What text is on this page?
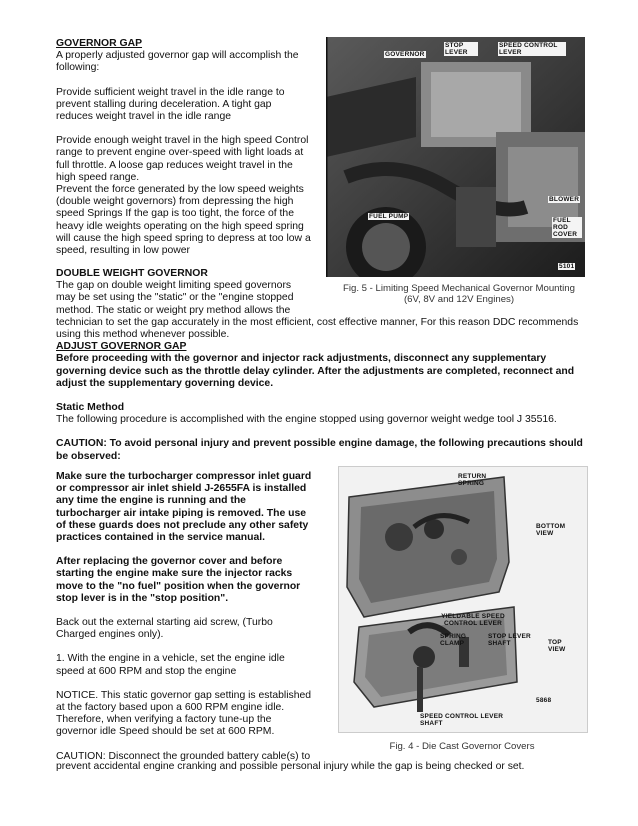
GOVERNOR GAP

A properly adjusted governor gap will accomplish the

following:

Provide sufficient weight travel in the idle range to

prevent stalling during deceleration. A tight gap

reduces weight travel in the idle range

Provide enough weight travel in the high speed Control

range to prevent engine over-speed with light loads at

full throttle. A loose gap reduces weight travel in the

high speed range.

Prevent the force generated by the low speed weights

(double weight governors) from depressing the high

speed Springs If the gap is too tight, the force of the

heavy idle weights operating on the high speed spring

will cause the high speed spring to depress at too low a

speed, resulting in low power

GOVERNOR
STOP LEVER
SPEED CONTROL LEVER
BLOWER
FUEL PUMP
FUEL ROD COVER
5101
Fig. 5 - Limiting Speed Mechanical Governor Mounting
(6V, 8V and 12V Engines)

DOUBLE WEIGHT GOVERNOR

The gap on double weight limiting speed governors

may be set using the "static" or the "engine stopped

method. The static or weight pry method allows the

technician to set the gap accurately in the most efficient, cost effective manner, For this reason DDC recommends

using this method whenever possible.

ADJUST GOVERNOR GAP

Before proceeding with the governor and injector rack adjustments, disconnect any supplementary

governing device such as the throttle delay cylinder. After the adjustments are completed, reconnect and

adjust the supplementary governing device.

Static Method

The following procedure is accomplished with the engine stopped using governor weight wedge tool J 35516.

CAUTION: To avoid personal injury and prevent possible engine damage, the following precautions should

be observed:

Make sure the turbocharger compressor inlet guard

or compressor air inlet shield J-2655FA is installed

any time the engine is running and the

turbocharger air intake piping is removed. The use

of these guards does not preclude any other safety

practices contained in the service manual.

After replacing the governor cover and before

starting the engine make sure the injector racks

move to the "no fuel" position when the governor

stop lever is in the "stop position".

Back out the external starting aid screw, (Turbo

Charged engines only).

1. With the engine in a vehicle, set the engine idle

speed at 600 RPM and stop the engine

NOTICE. This static governor gap setting is established

at the factory based upon a 600 RPM engine idle.

Therefore, when verifying a factory tune-up the

governor idle Speed should be set at 600 RPM.

CAUTION: Disconnect the grounded battery cable(s) to

prevent accidental engine cranking and possible personal injury while the gap is being checked or set.

RETURN SPRING
BOTTOM VIEW
YIELDABLE SPEED CONTROL LEVER
SPRING CLAMP
STOP LEVER SHAFT	TOP VIEW
5868
SPEED CONTROL LEVER SHAFT
Fig. 4 - Die Cast Governor Covers
